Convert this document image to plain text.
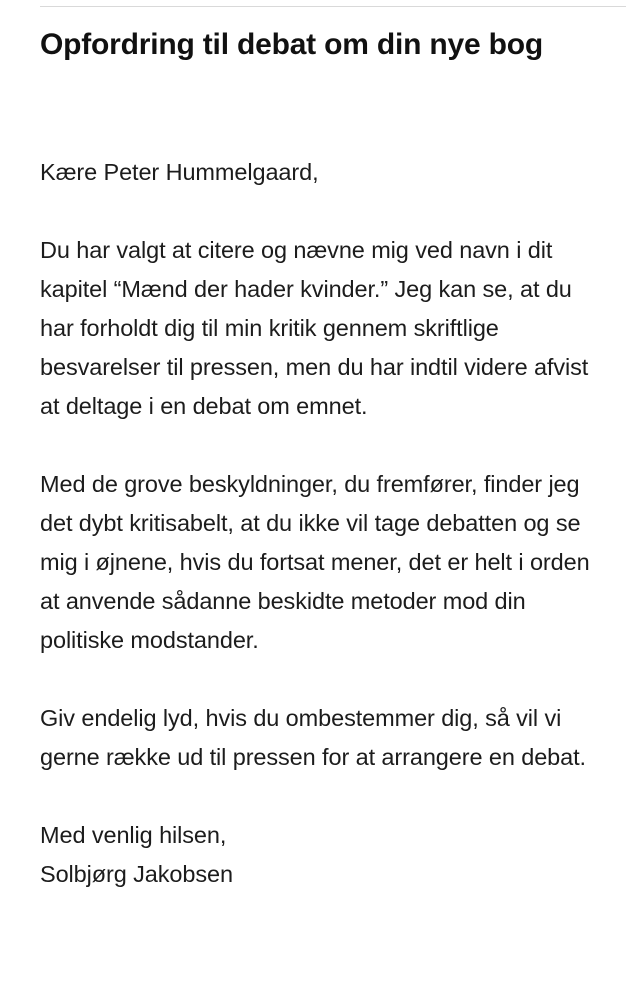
Opfordring til debat om din nye bog

Kære Peter Hummelgaard,

Du har valgt at citere og nævne mig ved navn i dit kapitel “Mænd der hader kvinder.” Jeg kan se, at du har forholdt dig til min kritik gennem skriftlige besvarelser til pressen, men du har indtil videre afvist at deltage i en debat om emnet.

Med de grove beskyldninger, du fremfører, finder jeg det dybt kritisabelt, at du ikke vil tage debatten og se mig i øjnene, hvis du fortsat mener, det er helt i orden at anvende sådanne beskidte metoder mod din politiske modstander.

Giv endelig lyd, hvis du ombestemmer dig, så vil vi gerne række ud til pressen for at arrangere en debat.

Med venlig hilsen,
Solbjørg Jakobsen
